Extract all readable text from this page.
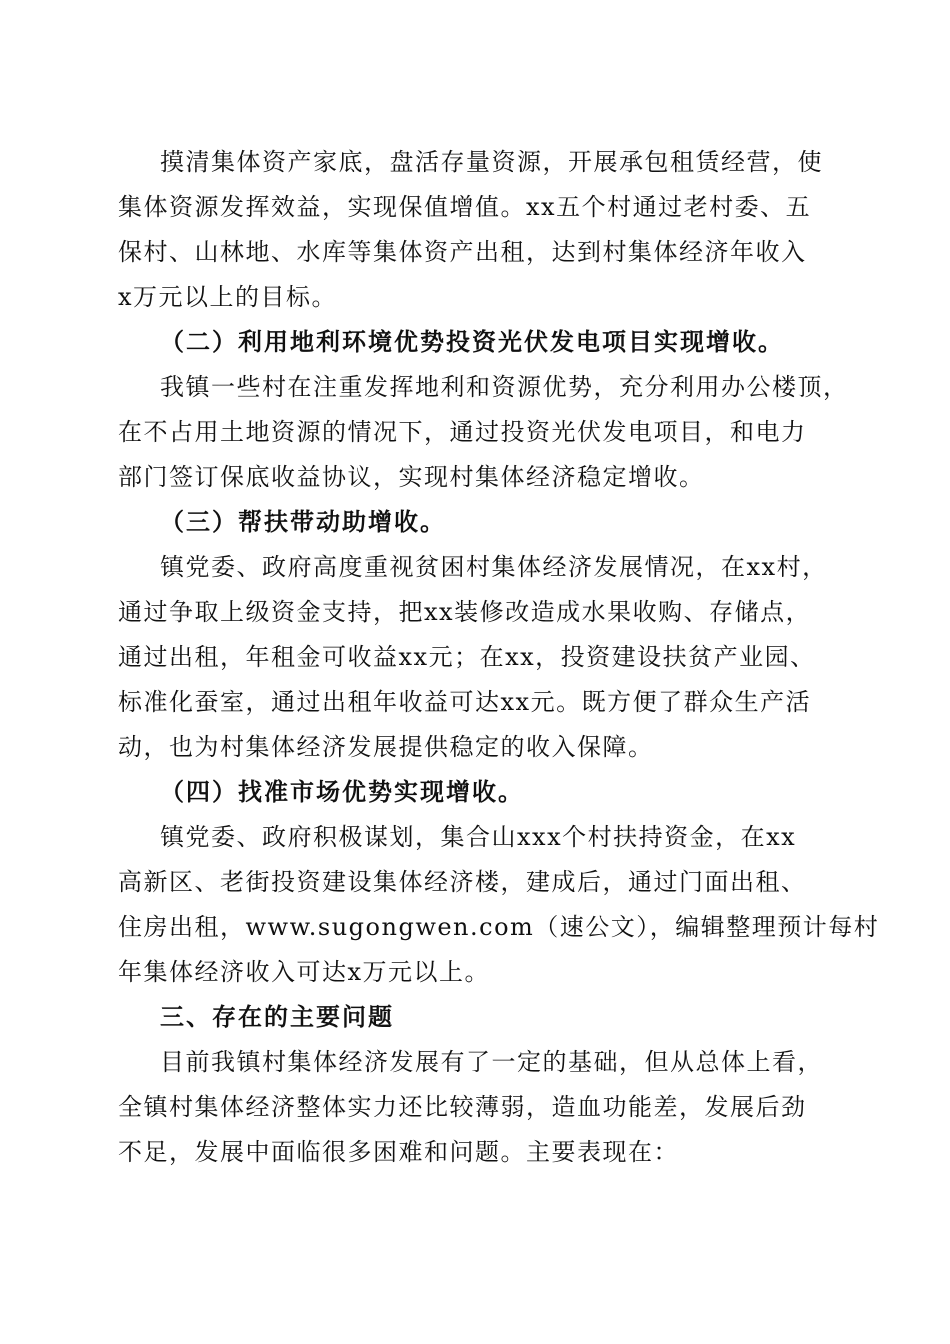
摸清集体资产家底，盘活存量资源，开展承包租赁经营，使

集体资源发挥效益，实现保值增值。xx五个村通过老村委、五

保村、山林地、水库等集体资产出租，达到村集体经济年收入

x万元以上的目标。

（二）利用地利环境优势投资光伏发电项目实现增收。

我镇一些村在注重发挥地利和资源优势，充分利用办公楼顶，

在不占用土地资源的情况下，通过投资光伏发电项目，和电力

部门签订保底收益协议，实现村集体经济稳定增收。

（三）帮扶带动助增收。

镇党委、政府高度重视贫困村集体经济发展情况，在xx村，

通过争取上级资金支持，把xx装修改造成水果收购、存储点，

通过出租，年租金可收益xx元；在xx，投资建设扶贫产业园、

标准化蚕室，通过出租年收益可达xx元。既方便了群众生产活

动，也为村集体经济发展提供稳定的收入保障。

（四）找准市场优势实现增收。

镇党委、政府积极谋划，集合山xxx个村扶持资金，在xx

高新区、老街投资建设集体经济楼，建成后，通过门面出租、

住房出租，www.sugongwen.com（速公文），编辑整理预计每村

年集体经济收入可达x万元以上。

三、存在的主要问题

目前我镇村集体经济发展有了一定的基础，但从总体上看，

全镇村集体经济整体实力还比较薄弱，造血功能差，发展后劲

不足，发展中面临很多困难和问题。主要表现在：
